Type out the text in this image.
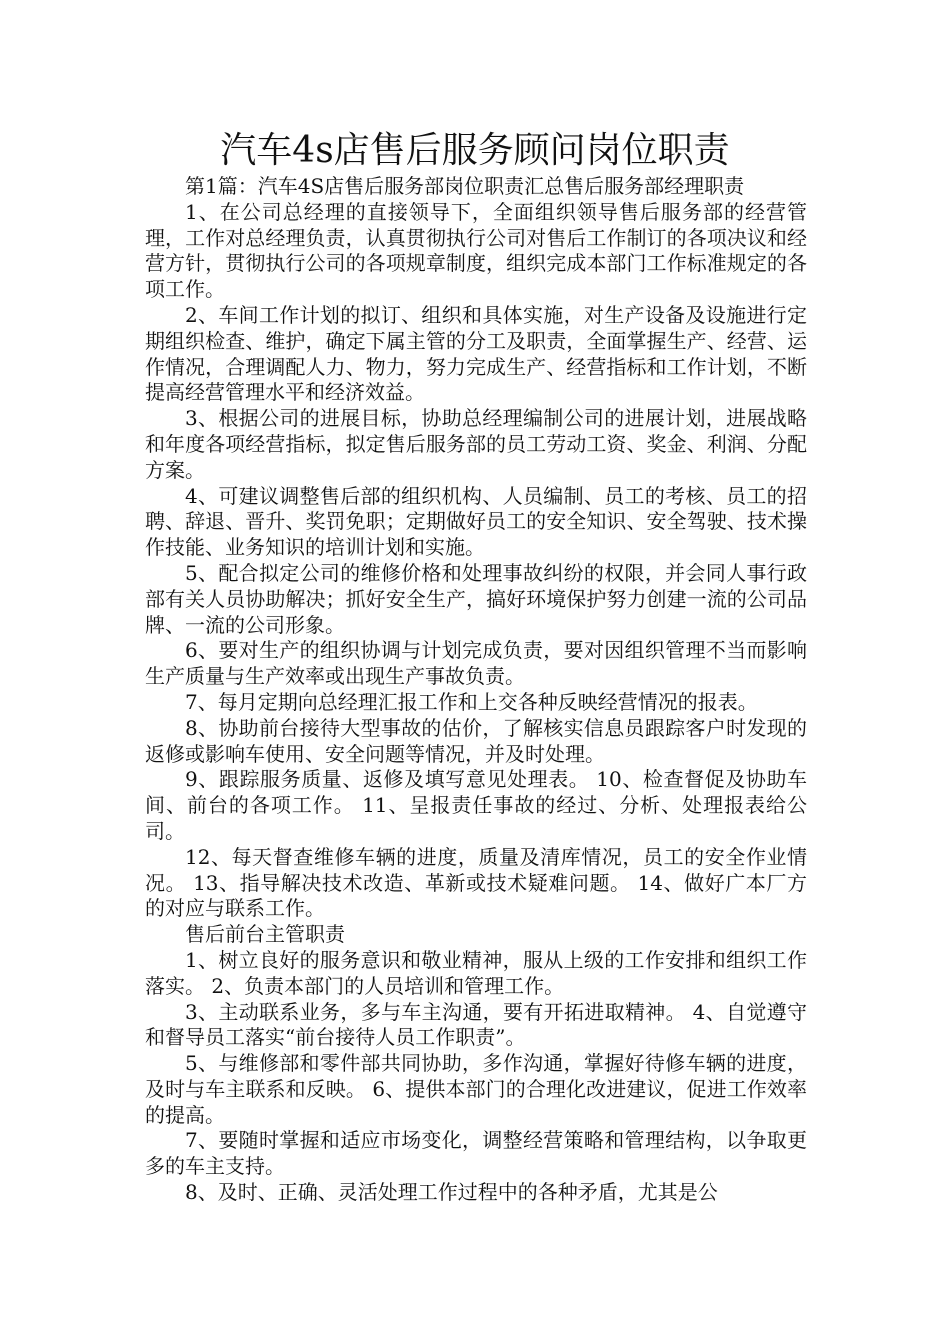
汽车4s店售后服务顾问岗位职责

第1篇：汽车4S店售后服务部岗位职责汇总售后服务部经理职责

1、在公司总经理的直接领导下，全面组织领导售后服务部的经营管理，工作对总经理负责，认真贯彻执行公司对售后工作制订的各项决议和经营方针，贯彻执行公司的各项规章制度，组织完成本部门工作标准规定的各项工作。

2、车间工作计划的拟订、组织和具体实施，对生产设备及设施进行定期组织检查、维护，确定下属主管的分工及职责，全面掌握生产、经营、运作情况，合理调配人力、物力，努力完成生产、经营指标和工作计划，不断提高经营管理水平和经济效益。

3、根据公司的进展目标，协助总经理编制公司的进展计划，进展战略和年度各项经营指标，拟定售后服务部的员工劳动工资、奖金、利润、分配方案。

4、可建议调整售后部的组织机构、人员编制、员工的考核、员工的招聘、辞退、晋升、奖罚免职；定期做好员工的安全知识、安全驾驶、技术操作技能、业务知识的培训计划和实施。

5、配合拟定公司的维修价格和处理事故纠纷的权限，并会同人事行政部有关人员协助解决；抓好安全生产，搞好环境保护努力创建一流的公司品牌、一流的公司形象。

6、要对生产的组织协调与计划完成负责，要对因组织管理不当而影响生产质量与生产效率或出现生产事故负责。

7、每月定期向总经理汇报工作和上交各种反映经营情况的报表。

8、协助前台接待大型事故的估价，了解核实信息员跟踪客户时发现的返修或影响车使用、安全问题等情况，并及时处理。

9、跟踪服务质量、返修及填写意见处理表。 10、检查督促及协助车间、前台的各项工作。 11、呈报责任事故的经过、分析、处理报表给公司。

12、每天督查维修车辆的进度，质量及清库情况，员工的安全作业情况。 13、指导解决技术改造、革新或技术疑难问题。 14、做好广本厂方的对应与联系工作。

售后前台主管职责

1、树立良好的服务意识和敬业精神，服从上级的工作安排和组织工作落实。 2、负责本部门的人员培训和管理工作。

3、主动联系业务，多与车主沟通，要有开拓进取精神。 4、自觉遵守和督导员工落实“前台接待人员工作职责”。

5、与维修部和零件部共同协助，多作沟通，掌握好待修车辆的进度，及时与车主联系和反映。 6、提供本部门的合理化改进建议，促进工作效率的提高。

7、要随时掌握和适应市场变化，调整经营策略和管理结构，以争取更多的车主支持。

8、及时、正确、灵活处理工作过程中的各种矛盾，尤其是公
